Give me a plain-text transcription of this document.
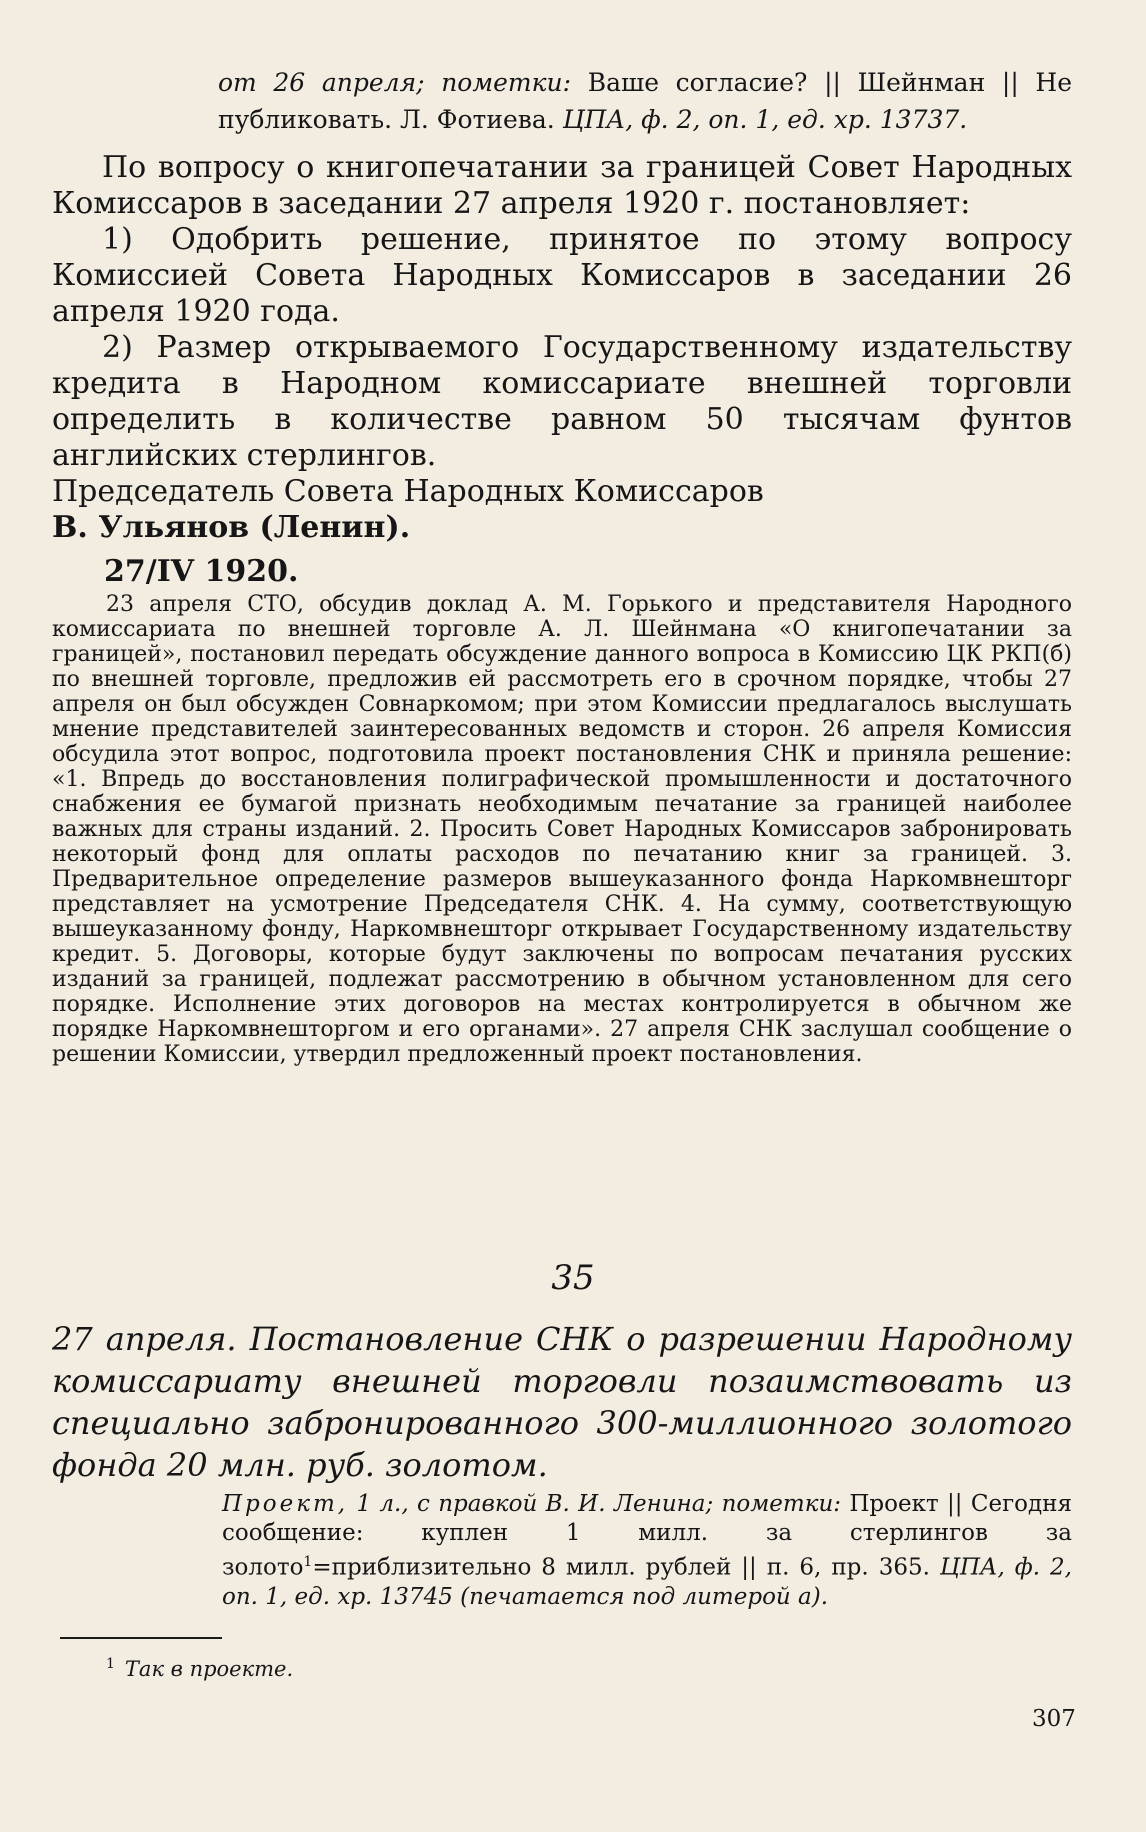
от 26 апреля; пометки: Ваше согласие? || Шейнман || Не публиковать. Л. Фотиева. ЦПА, ф. 2, оп. 1, ед. хр. 13737.

По вопросу о книгопечатании за границей Совет Народных Комиссаров в заседании 27 апреля 1920 г. постановляет:

1) Одобрить решение, принятое по этому вопросу Комиссией Совета Народных Комиссаров в заседании 26 апреля 1920 года.

2) Размер открываемого Государственному издательству кредита в Народном комиссариате внешней торговли определить в количестве равном 50 тысячам фунтов английских стерлингов.

Председатель Совета Народных Комиссаров

В. Ульянов (Ленин).

27/IV 1920.

23 апреля СТО, обсудив доклад А. М. Горького и представителя Народного комиссариата по внешней торговле А. Л. Шейнмана «О книгопечатании за границей», постановил передать обсуждение данного вопроса в Комиссию ЦК РКП(б) по внешней торговле, предложив ей рассмотреть его в срочном порядке, чтобы 27 апреля он был обсужден Совнаркомом; при этом Комиссии предлагалось выслушать мнение представителей заинтересованных ведомств и сторон. 26 апреля Комиссия обсудила этот вопрос, подготовила проект постановления СНК и приняла решение: «1. Впредь до восстановления полиграфической промышленности и достаточного снабжения ее бумагой признать необходимым печатание за границей наиболее важных для страны изданий. 2. Просить Совет Народных Комиссаров забронировать некоторый фонд для оплаты расходов по печатанию книг за границей. 3. Предварительное определение размеров вышеуказанного фонда Наркомвнешторг представляет на усмотрение Председателя СНК. 4. На сумму, соответствующую вышеуказанному фонду, Наркомвнешторг открывает Государственному издательству кредит. 5. Договоры, которые будут заключены по вопросам печатания русских изданий за границей, подлежат рассмотрению в обычном установленном для сего порядке. Исполнение этих договоров на местах контролируется в обычном же порядке Наркомвнешторгом и его органами». 27 апреля СНК заслушал сообщение о решении Комиссии, утвердил предложенный проект постановления.

35

27 апреля. Постановление СНК о разрешении Народному комиссариату внешней торговли позаимствовать из специально забронированного 300-миллионного золотого фонда 20 млн. руб. золотом.

Проект, 1 л., с правкой В. И. Ленина; пометки: Проект || Сегодня сообщение: куплен 1 милл. за стерлингов за золото$^1$=приблизительно 8 милл. рублей || п. 6, пр. 365. ЦПА, ф. 2, оп. 1, ед. хр. 13745 (печатается под литерой а).

$^1$ Так в проекте.

307
